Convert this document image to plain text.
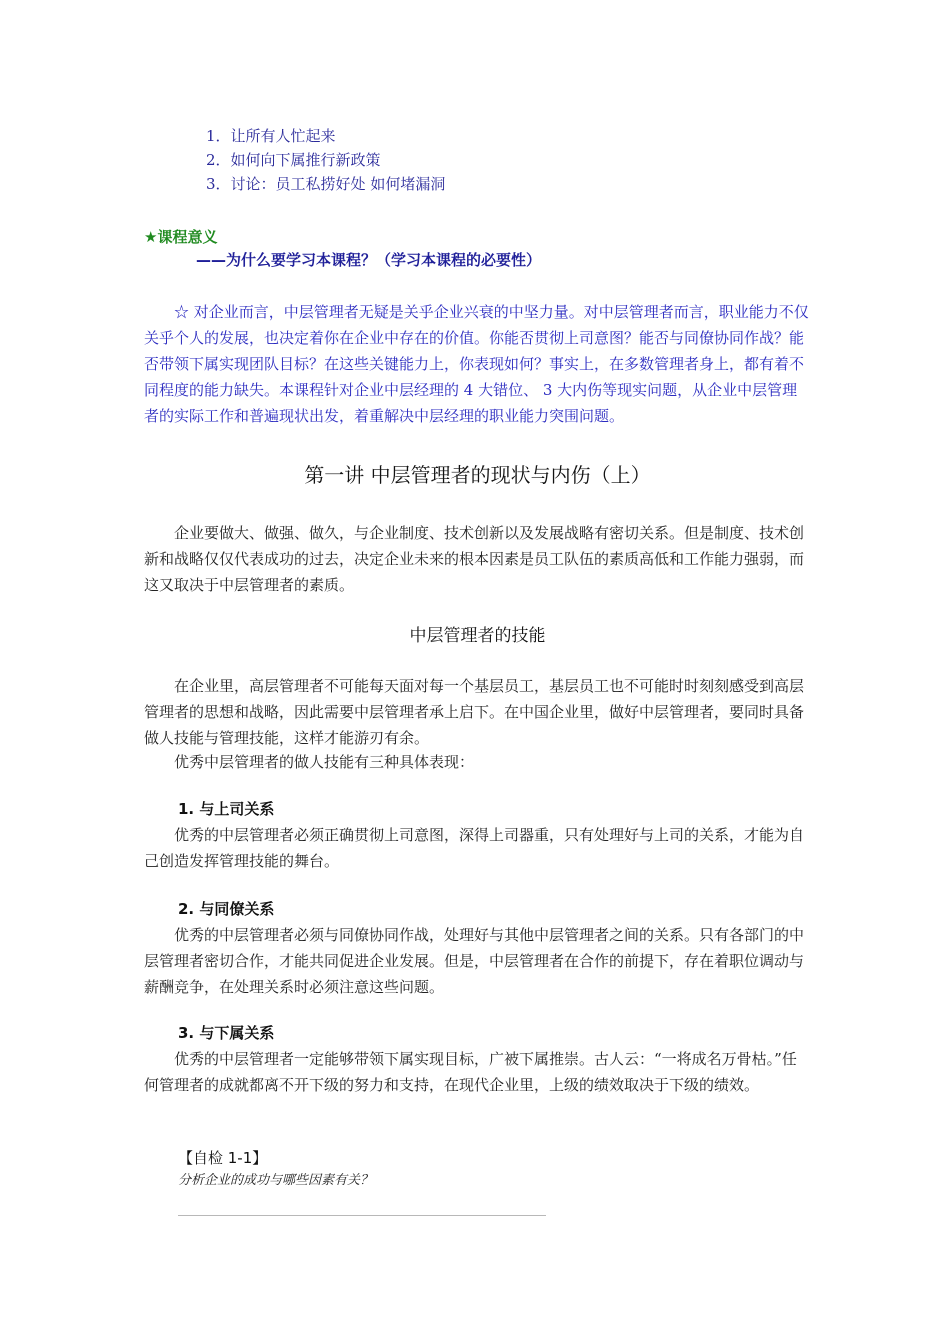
1．让所有人忙起来
2．如何向下属推行新政策
3．讨论：员工私捞好处 如何堵漏洞
★课程意义
——为什么要学习本课程？（学习本课程的必要性）
☆ 对企业而言，中层管理者无疑是关乎企业兴衰的中坚力量。对中层管理者而言，职业能力不仅关乎个人的发展，也决定着你在企业中存在的价值。你能否贯彻上司意图？能否与同僚协同作战？能否带领下属实现团队目标？在这些关键能力上，你表现如何？事实上，在多数管理者身上，都有着不同程度的能力缺失。本课程针对企业中层经理的 4 大错位、 3 大内伤等现实问题，从企业中层管理者的实际工作和普遍现状出发，着重解决中层经理的职业能力突围问题。
第一讲 中层管理者的现状与内伤（上）
企业要做大、做强、做久，与企业制度、技术创新以及发展战略有密切关系。但是制度、技术创新和战略仅仅代表成功的过去，决定企业未来的根本因素是员工队伍的素质高低和工作能力强弱，而这又取决于中层管理者的素质。
中层管理者的技能
在企业里，高层管理者不可能每天面对每一个基层员工，基层员工也不可能时时刻刻感受到高层管理者的思想和战略，因此需要中层管理者承上启下。在中国企业里，做好中层管理者，要同时具备做人技能与管理技能，这样才能游刃有余。
优秀中层管理者的做人技能有三种具体表现：
1. 与上司关系
优秀的中层管理者必须正确贯彻上司意图，深得上司器重，只有处理好与上司的关系，才能为自己创造发挥管理技能的舞台。
2. 与同僚关系
优秀的中层管理者必须与同僚协同作战，处理好与其他中层管理者之间的关系。只有各部门的中层管理者密切合作，才能共同促进企业发展。但是，中层管理者在合作的前提下，存在着职位调动与薪酬竞争，在处理关系时必须注意这些问题。
3. 与下属关系
优秀的中层管理者一定能够带领下属实现目标，广被下属推崇。古人云：“一将成名万骨枯。”任何管理者的成就都离不开下级的努力和支持，在现代企业里，上级的绩效取决于下级的绩效。
【自检 1-1】
分析企业的成功与哪些因素有关？
